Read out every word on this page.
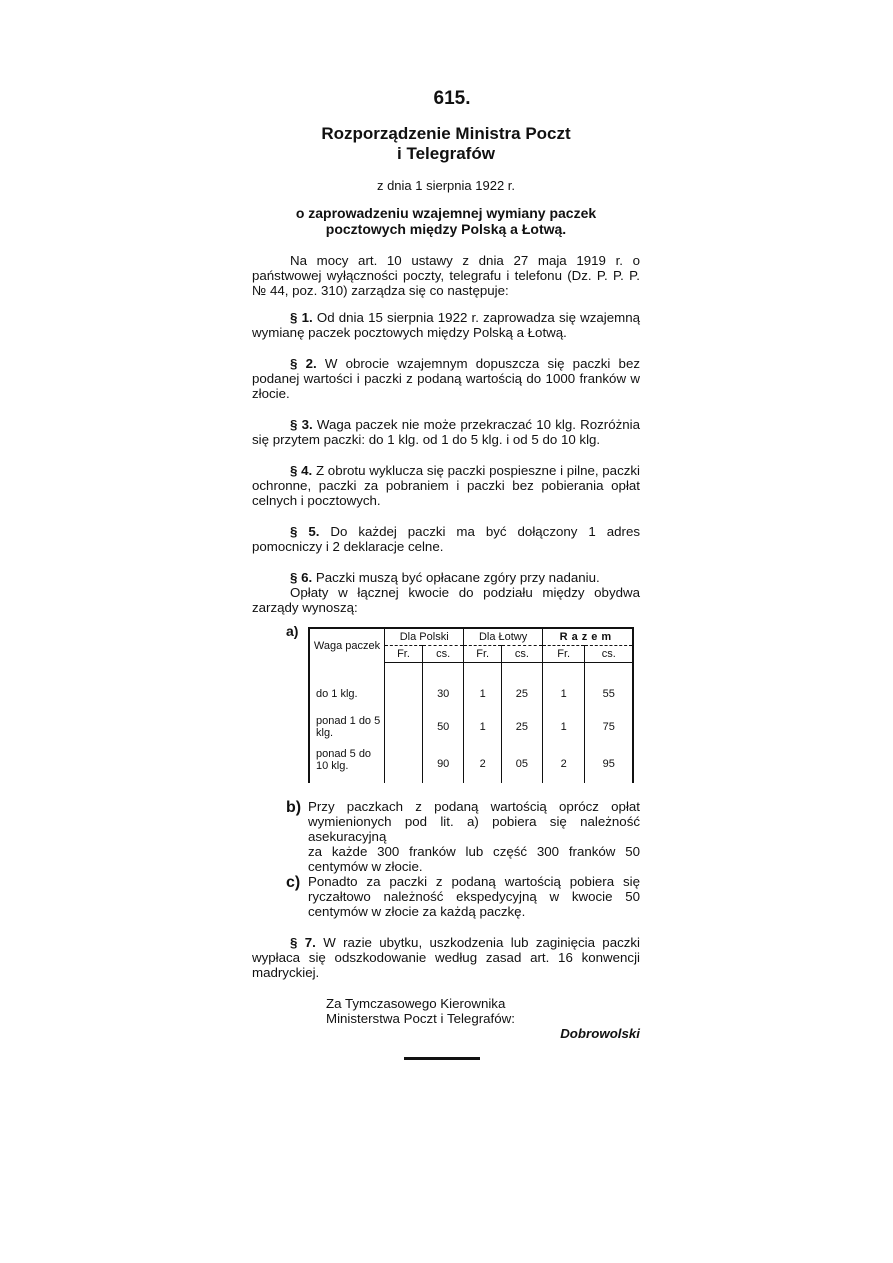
615.
Rozporządzenie Ministra Poczt
i Telegrafów
z dnia 1 sierpnia 1922 r.
o zaprowadzeniu wzajemnej wymiany paczek
pocztowych między Polską a Łotwą.

Na mocy art. 10 ustawy z dnia 27 maja 1919 r. o państwowej wyłączności poczty, telegrafu i telefonu (Dz. P. P. P. № 44, poz. 310) zarządza się co następuje:

§ 1. Od dnia 15 sierpnia 1922 r. zaprowadza się wzajemną wymianę paczek pocztowych między Polską a Łotwą.

§ 2. W obrocie wzajemnym dopuszcza się paczki bez podanej wartości i paczki z podaną wartością do 1000 franków w złocie.

§ 3. Waga paczek nie może przekraczać 10 klg. Rozróżnia się przytem paczki: do 1 klg. od 1 do 5 klg. i od 5 do 10 klg.

§ 4. Z obrotu wyklucza się paczki pospieszne i pilne, paczki ochronne, paczki za pobraniem i paczki bez pobierania opłat celnych i pocztowych.

§ 5. Do każdej paczki ma być dołączony 1 adres pomocniczy i 2 deklaracje celne.

§ 6. Paczki muszą być opłacane zgóry przy nadaniu.

Opłaty w łącznej kwocie do podziału między obydwa zarządy wynoszą:

a)
Waga paczek	Dla Polski		Dla Łotwy		Razem	
	Fr.	cs.	Fr.	cs.	Fr.	cs.

do 1 klg.		30	1	25	1	55
ponad 1 do 5 klg.		50	1	25	1	75
ponad 5 do 10 klg.		90	2	05	2	95
b) Przy paczkach z podaną wartością oprócz opłat wymienionych pod lit. a) pobiera się należność asekuracyjną

za każde 300 franków lub część 300 franków 50 centymów w złocie.

c) Ponadto za paczki z podaną wartością pobiera się ryczałtowo należność ekspedycyjną w kwocie 50 centymów w złocie za każdą paczkę.

§ 7. W razie ubytku, uszkodzenia lub zaginięcia paczki wypłaca się odszkodowanie według zasad art. 16 konwencji madryckiej.

Za Tymczasowego Kierownika
Ministerstwa Poczt i Telegrafów:
Dobrowolski
